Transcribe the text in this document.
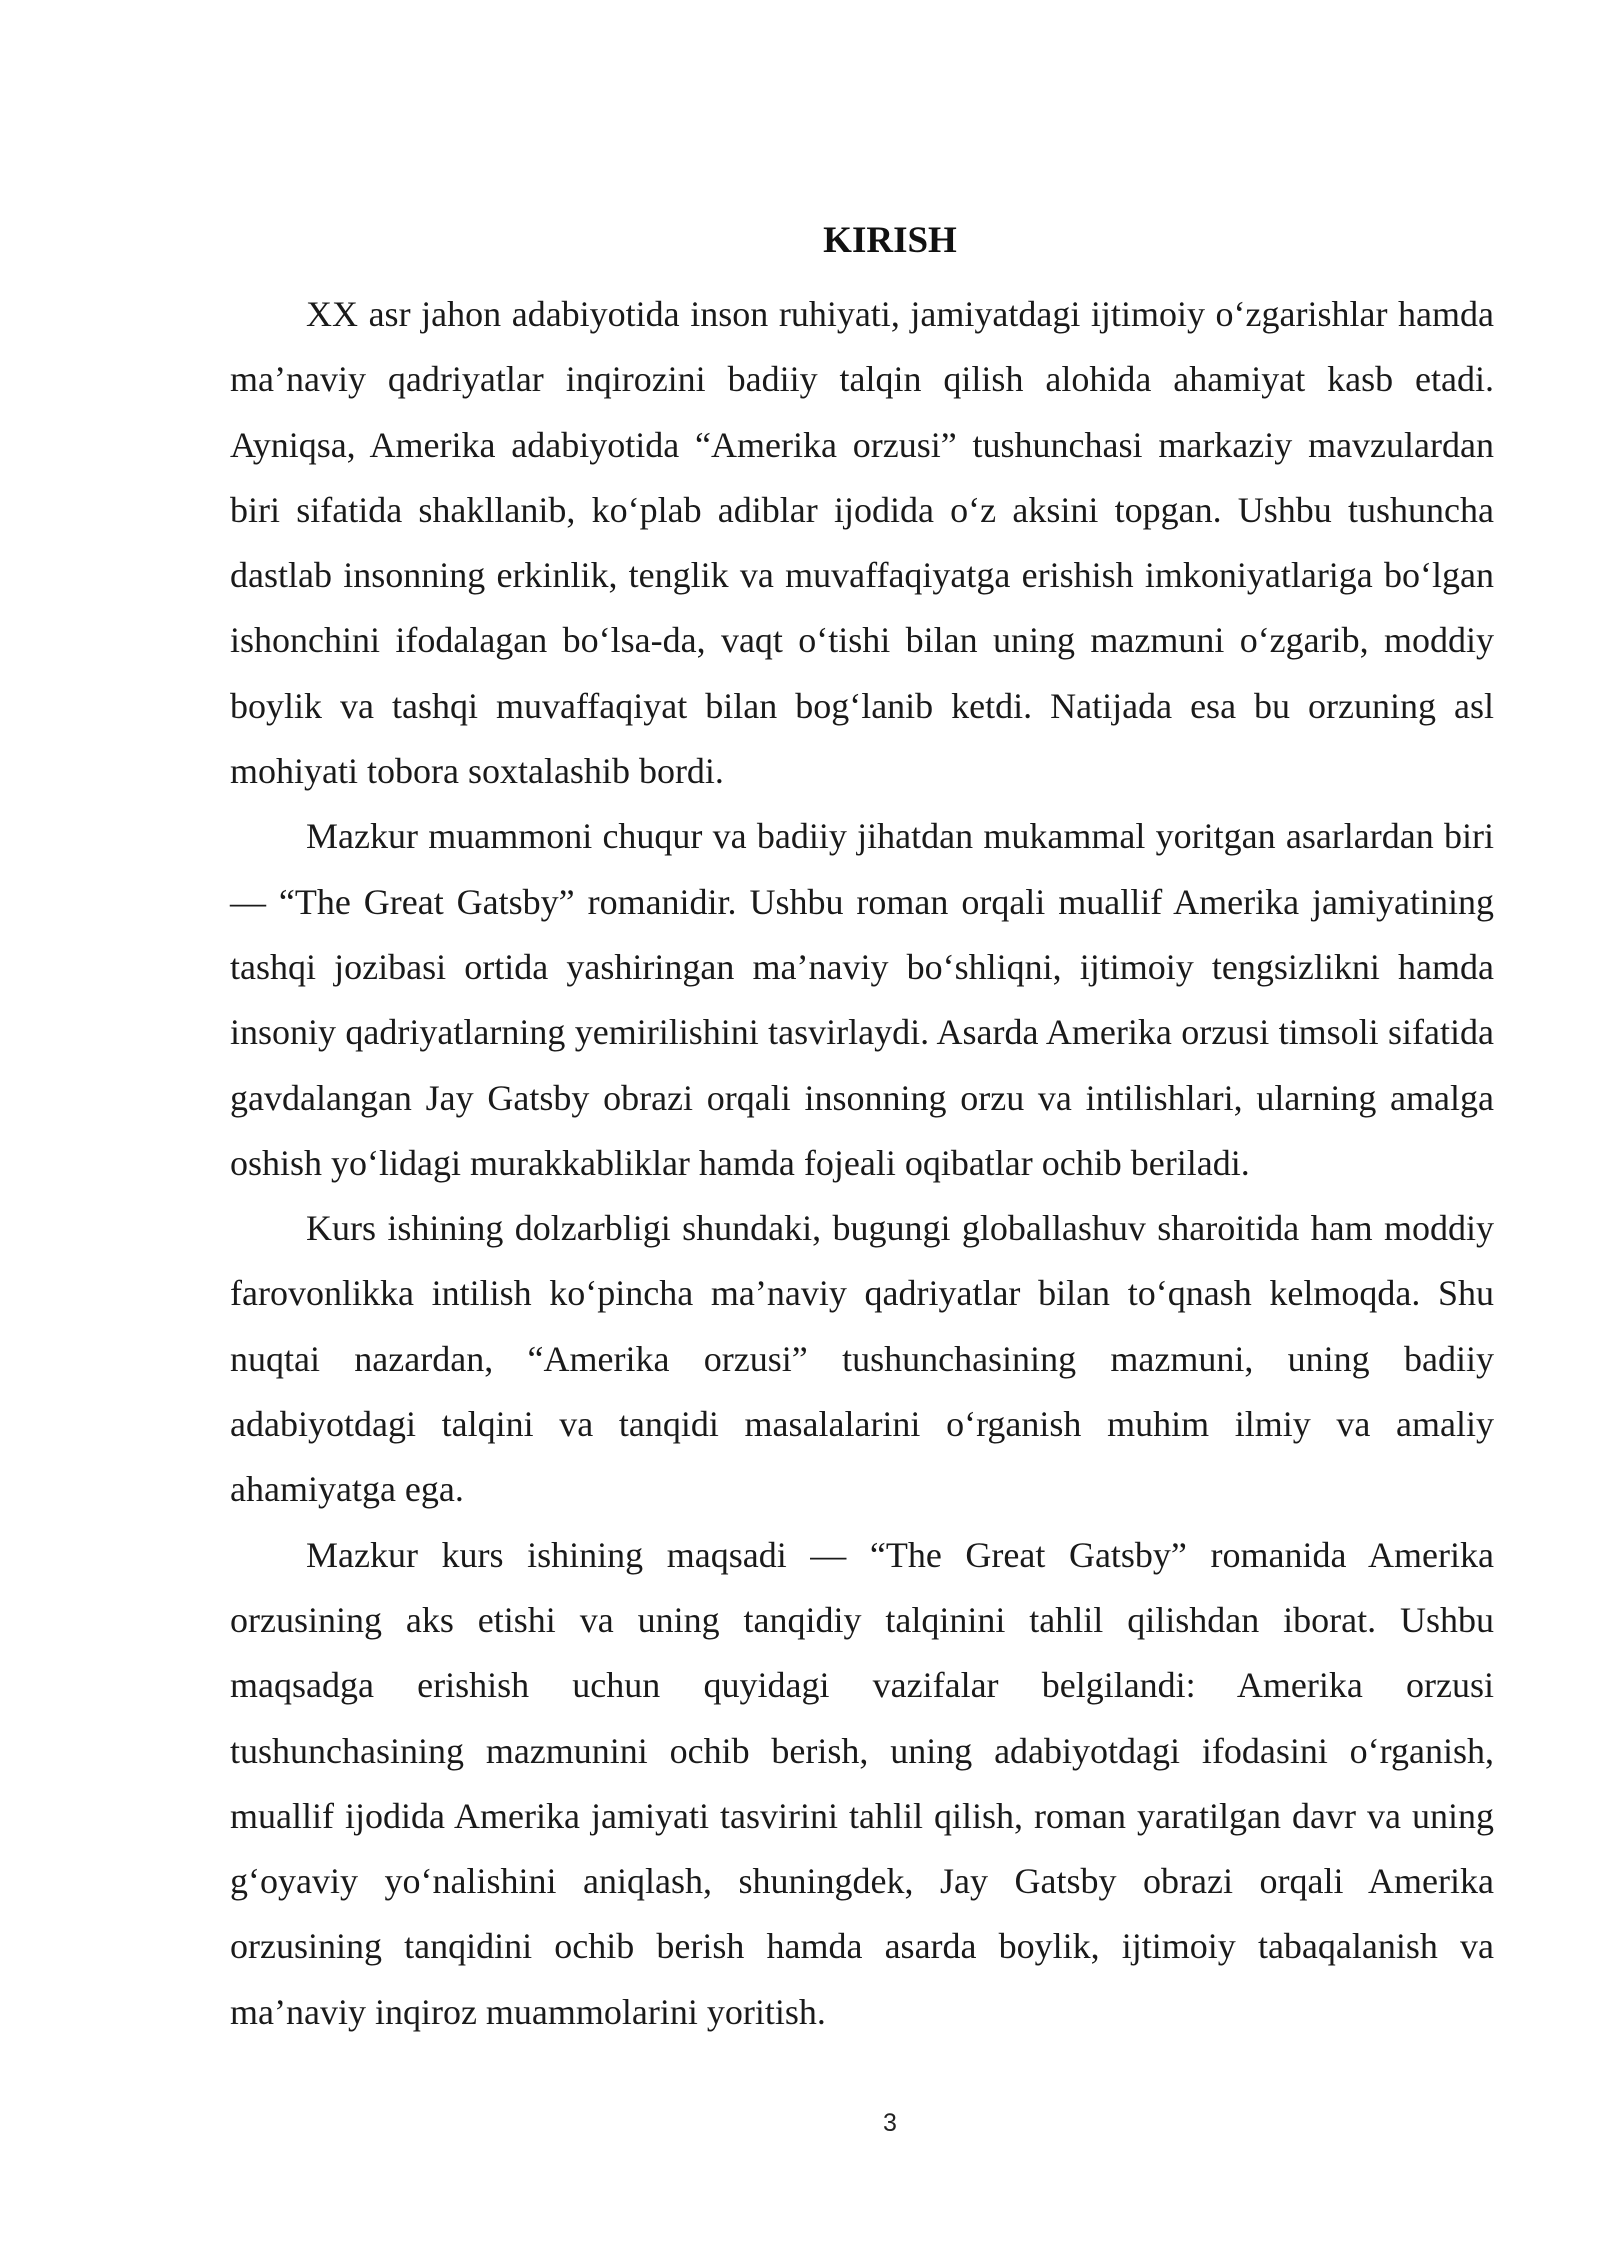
KIRISH

XX asr jahon adabiyotida inson ruhiyati, jamiyatdagi ijtimoiy o‘zgarishlar hamda ma’naviy qadriyatlar inqirozini badiiy talqin qilish alohida ahamiyat kasb etadi. Ayniqsa, Amerika adabiyotida “Amerika orzusi” tushunchasi markaziy mavzulardan biri sifatida shakllanib, ko‘plab adiblar ijodida o‘z aksini topgan. Ushbu tushuncha dastlab insonning erkinlik, tenglik va muvaffaqiyatga erishish imkoniyatlariga bo‘lgan ishonchini ifodalagan bo‘lsa-da, vaqt o‘tishi bilan uning mazmuni o‘zgarib, moddiy boylik va tashqi muvaffaqiyat bilan bog‘lanib ketdi. Natijada esa bu orzuning asl mohiyati tobora soxtalashib bordi.

Mazkur muammoni chuqur va badiiy jihatdan mukammal yoritgan asarlardan biri — “The Great Gatsby” romanidir. Ushbu roman orqali muallif Amerika jamiyatining tashqi jozibasi ortida yashiringan ma’naviy bo‘shliqni, ijtimoiy tengsizlikni hamda insoniy qadriyatlarning yemirilishini tasvirlaydi. Asarda Amerika orzusi timsoli sifatida gavdalangan Jay Gatsby obrazi orqali insonning orzu va intilishlari, ularning amalga oshish yo‘lidagi murakkabliklar hamda fojeali oqibatlar ochib beriladi.

Kurs ishining dolzarbligi shundaki, bugungi globallashuv sharoitida ham moddiy farovonlikka intilish ko‘pincha ma’naviy qadriyatlar bilan to‘qnash kelmoqda. Shu nuqtai nazardan, “Amerika orzusi” tushunchasining mazmuni, uning badiiy adabiyotdagi talqini va tanqidi masalalarini o‘rganish muhim ilmiy va amaliy ahamiyatga ega.

Mazkur kurs ishining maqsadi — “The Great Gatsby” romanida Amerika orzusining aks etishi va uning tanqidiy talqinini tahlil qilishdan iborat. Ushbu maqsadga erishish uchun quyidagi vazifalar belgilandi: Amerika orzusi tushunchasining mazmunini ochib berish, uning adabiyotdagi ifodasini o‘rganish, muallif ijodida Amerika jamiyati tasvirini tahlil qilish, roman yaratilgan davr va uning g‘oyaviy yo‘nalishini aniqlash, shuningdek, Jay Gatsby obrazi orqali Amerika orzusining tanqidini ochib berish hamda asarda boylik, ijtimoiy tabaqalanish va ma’naviy inqiroz muammolarini yoritish.

3
